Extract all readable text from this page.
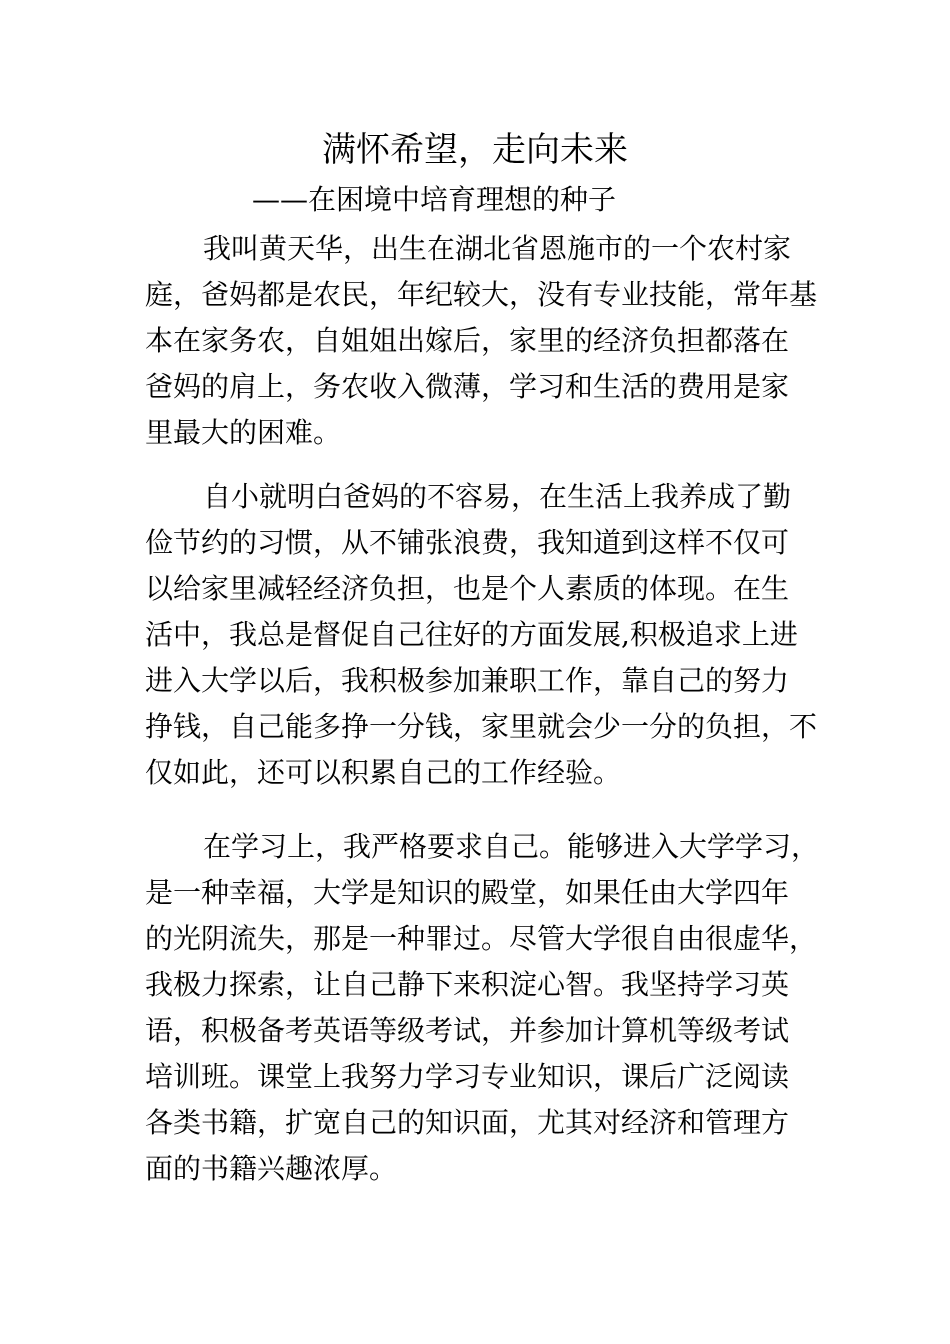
满怀希望，走向未来
——在困境中培育理想的种子
我叫黄天华，出生在湖北省恩施市的一个农村家
庭，爸妈都是农民，年纪较大，没有专业技能，常年基
本在家务农，自姐姐出嫁后，家里的经济负担都落在
爸妈的肩上，务农收入微薄，学习和生活的费用是家
里最大的困难。
自小就明白爸妈的不容易，在生活上我养成了勤
俭节约的习惯，从不铺张浪费，我知道到这样不仅可
以给家里减轻经济负担，也是个人素质的体现。在生
活中，我总是督促自己往好的方面发展,积极追求上进
进入大学以后，我积极参加兼职工作，靠自己的努力
挣钱，自己能多挣一分钱，家里就会少一分的负担，不
仅如此，还可以积累自己的工作经验。
在学习上，我严格要求自己。能够进入大学学习，
是一种幸福，大学是知识的殿堂，如果任由大学四年
的光阴流失，那是一种罪过。尽管大学很自由很虚华，
我极力探索，让自己静下来积淀心智。我坚持学习英
语，积极备考英语等级考试，并参加计算机等级考试
培训班。课堂上我努力学习专业知识，课后广泛阅读
各类书籍，扩宽自己的知识面，尤其对经济和管理方
面的书籍兴趣浓厚。
